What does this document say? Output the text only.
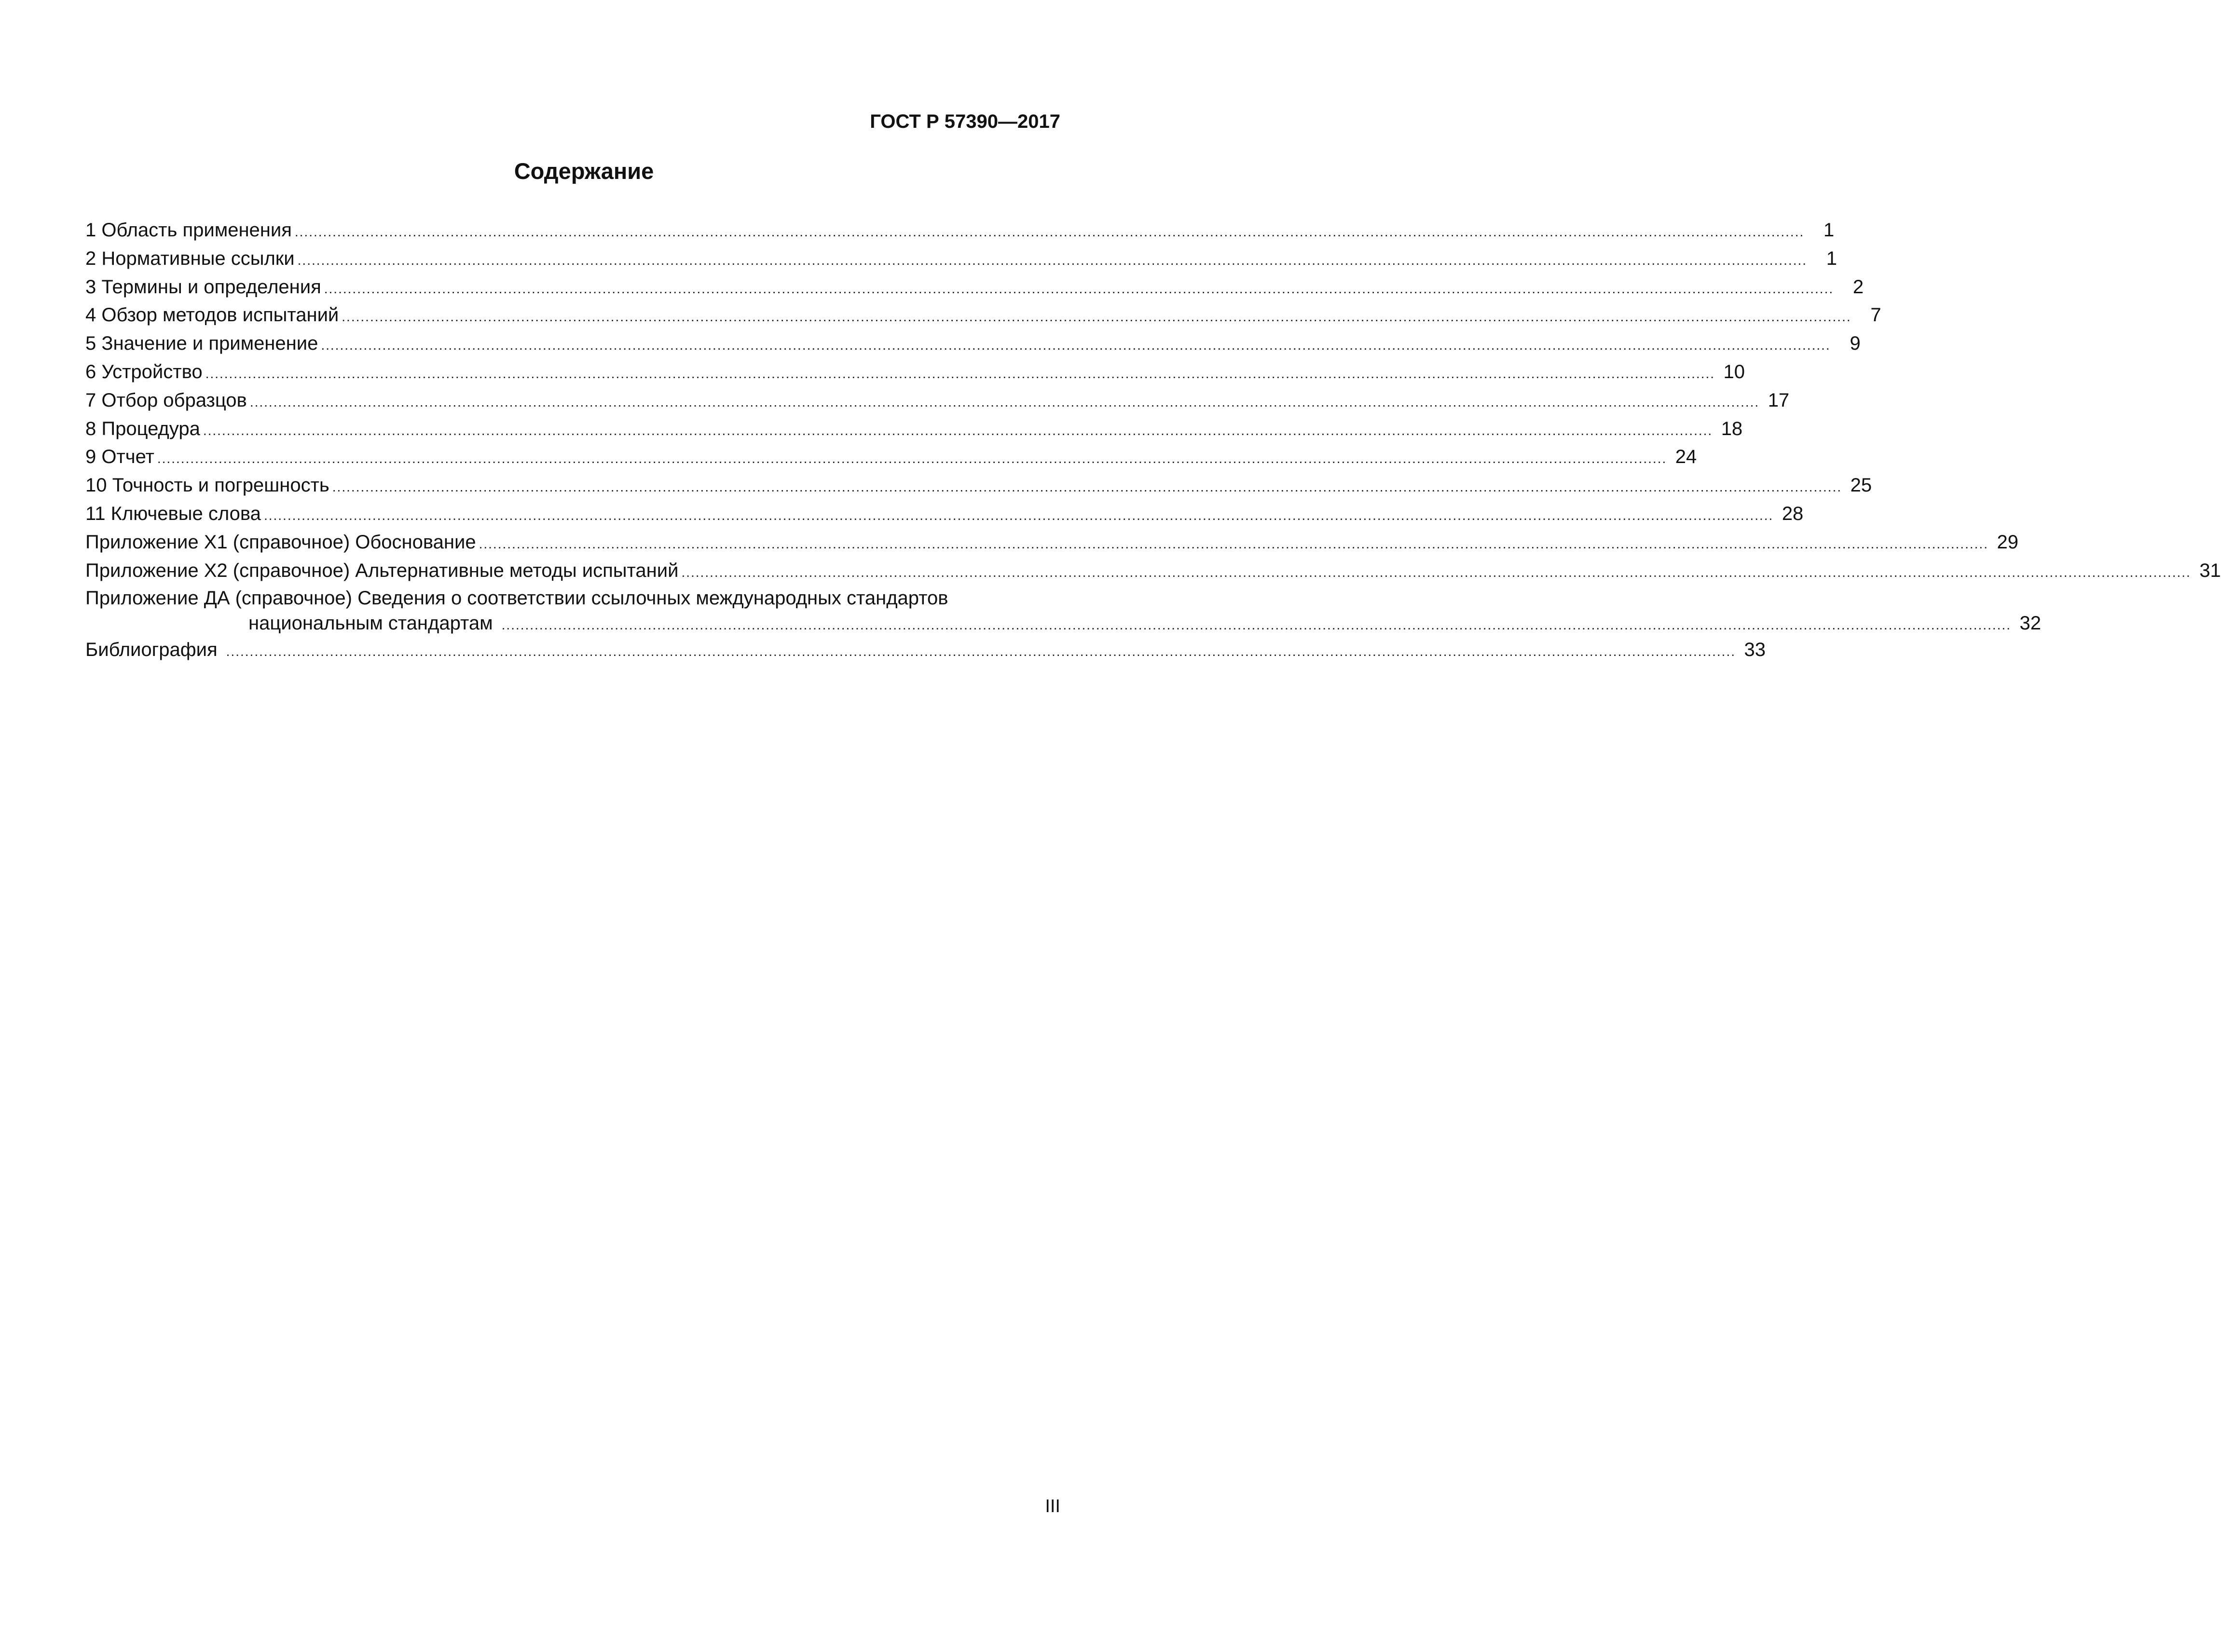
ГОСТ Р 57390—2017
Содержание
1 Область применения ................................................................................................................................................................................................................................................................................................................................ 1
2 Нормативные ссылки ................................................................................................................................................................................................................................................................................................................................ 1
3 Термины и определения ................................................................................................................................................................................................................................................................................................................................ 2
4 Обзор методов испытаний ................................................................................................................................................................................................................................................................................................................................ 7
5 Значение и применение ................................................................................................................................................................................................................................................................................................................................ 9
6 Устройство ................................................................................................................................................................................................................................................................................................................................ 10
7 Отбор образцов ................................................................................................................................................................................................................................................................................................................................ 17
8 Процедура ................................................................................................................................................................................................................................................................................................................................ 18
9 Отчет ................................................................................................................................................................................................................................................................................................................................ 24
10 Точность и погрешность ................................................................................................................................................................................................................................................................................................................................ 25
11 Ключевые слова ................................................................................................................................................................................................................................................................................................................................ 28
Приложение X1 (справочное) Обоснование ................................................................................................................................................................................................................................................................................................................................ 29
Приложение X2 (справочное) Альтернативные методы испытаний ................................................................................................................................................................................................................................................................................................................................ 31
Приложение ДА (справочное) Сведения о соответствии ссылочных международных стандартов
национальным стандартам ................................................................................................................................................................................................................................................................................................................................ 32
Библиография ................................................................................................................................................................................................................................................................................................................................ 33
III
